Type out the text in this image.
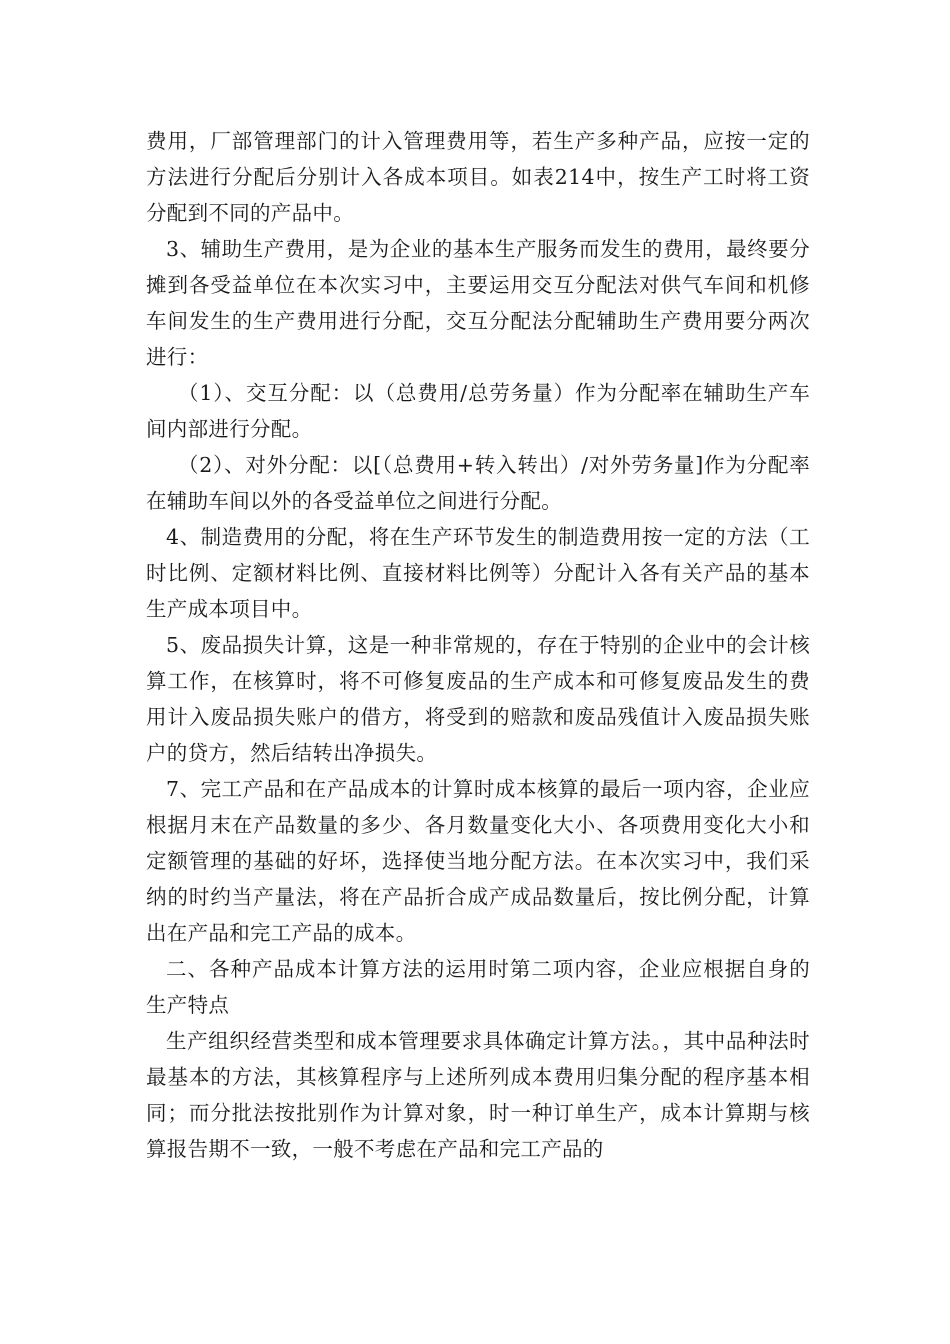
费用，厂部管理部门的计入管理费用等，若生产多种产品，应按一定的方法进行分配后分别计入各成本项目。如表214中，按生产工时将工资分配到不同的产品中。

3、辅助生产费用，是为企业的基本生产服务而发生的费用，最终要分摊到各受益单位在本次实习中，主要运用交互分配法对供气车间和机修车间发生的生产费用进行分配，交互分配法分配辅助生产费用要分两次进行：

（1）、交互分配：以（总费用/总劳务量）作为分配率在辅助生产车间内部进行分配。

（2）、对外分配：以[（总费用+转入转出）/对外劳务量]作为分配率在辅助车间以外的各受益单位之间进行分配。

4、制造费用的分配，将在生产环节发生的制造费用按一定的方法（工时比例、定额材料比例、直接材料比例等）分配计入各有关产品的基本生产成本项目中。

5、废品损失计算，这是一种非常规的，存在于特别的企业中的会计核算工作，在核算时，将不可修复废品的生产成本和可修复废品发生的费用计入废品损失账户的借方，将受到的赔款和废品残值计入废品损失账户的贷方，然后结转出净损失。

7、完工产品和在产品成本的计算时成本核算的最后一项内容，企业应根据月末在产品数量的多少、各月数量变化大小、各项费用变化大小和定额管理的基础的好坏，选择使当地分配方法。在本次实习中，我们采纳的时约当产量法，将在产品折合成产成品数量后，按比例分配，计算出在产品和完工产品的成本。

二、各种产品成本计算方法的运用时第二项内容，企业应根据自身的生产特点

生产组织经营类型和成本管理要求具体确定计算方法。，其中品种法时最基本的方法，其核算程序与上述所列成本费用归集分配的程序基本相同；而分批法按批别作为计算对象，时一种订单生产，成本计算期与核算报告期不一致，一般不考虑在产品和完工产品的
